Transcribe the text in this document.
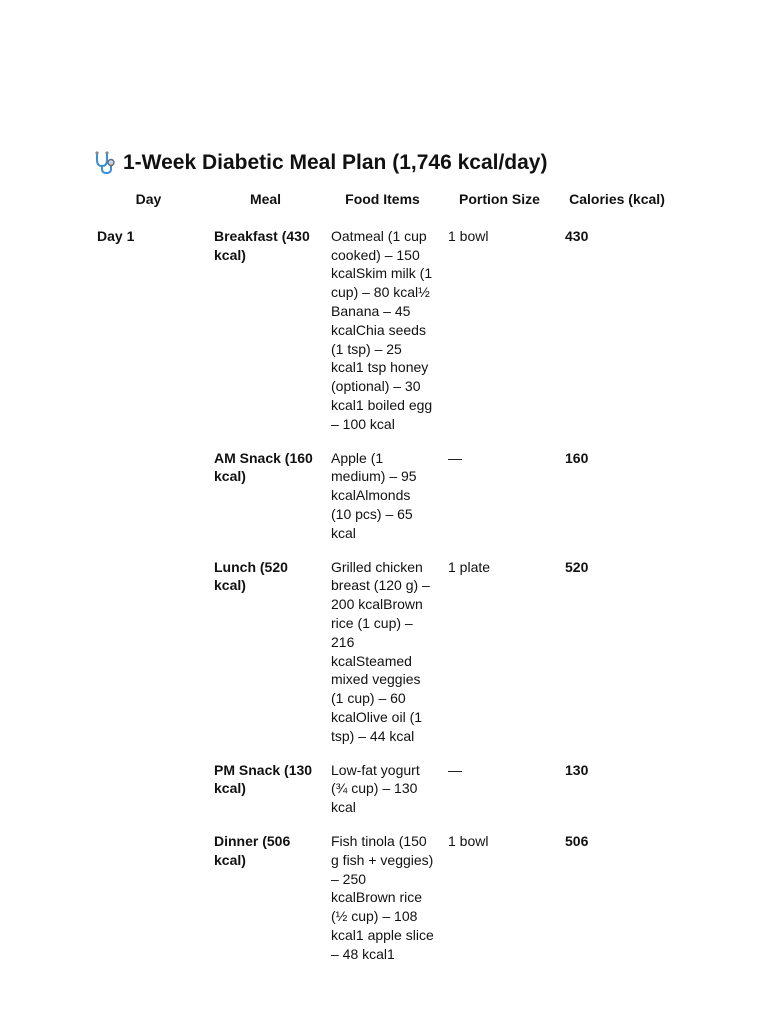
1-Week Diabetic Meal Plan (1,746 kcal/day)
Day	Meal	Food Items	Portion Size	Calories (kcal)
Day 1	Breakfast (430 kcal)	Oatmeal (1 cup cooked) – 150 kcalSkim milk (1 cup) – 80 kcal½ Banana – 45 kcalChia seeds (1 tsp) – 25 kcal1 tsp honey (optional) – 30 kcal1 boiled egg – 100 kcal	1 bowl	430
	AM Snack (160 kcal)	Apple (1 medium) – 95 kcalAlmonds (10 pcs) – 65 kcal	—	160
	Lunch (520 kcal)	Grilled chicken breast (120 g) – 200 kcalBrown rice (1 cup) – 216 kcalSteamed mixed veggies (1 cup) – 60 kcalOlive oil (1 tsp) – 44 kcal	1 plate	520
	PM Snack (130 kcal)	Low-fat yogurt (¾ cup) – 130 kcal	—	130
	Dinner (506 kcal)	Fish tinola (150 g fish + veggies) – 250 kcalBrown rice (½ cup) – 108 kcal1 apple slice – 48 kcal1	1 bowl	506
